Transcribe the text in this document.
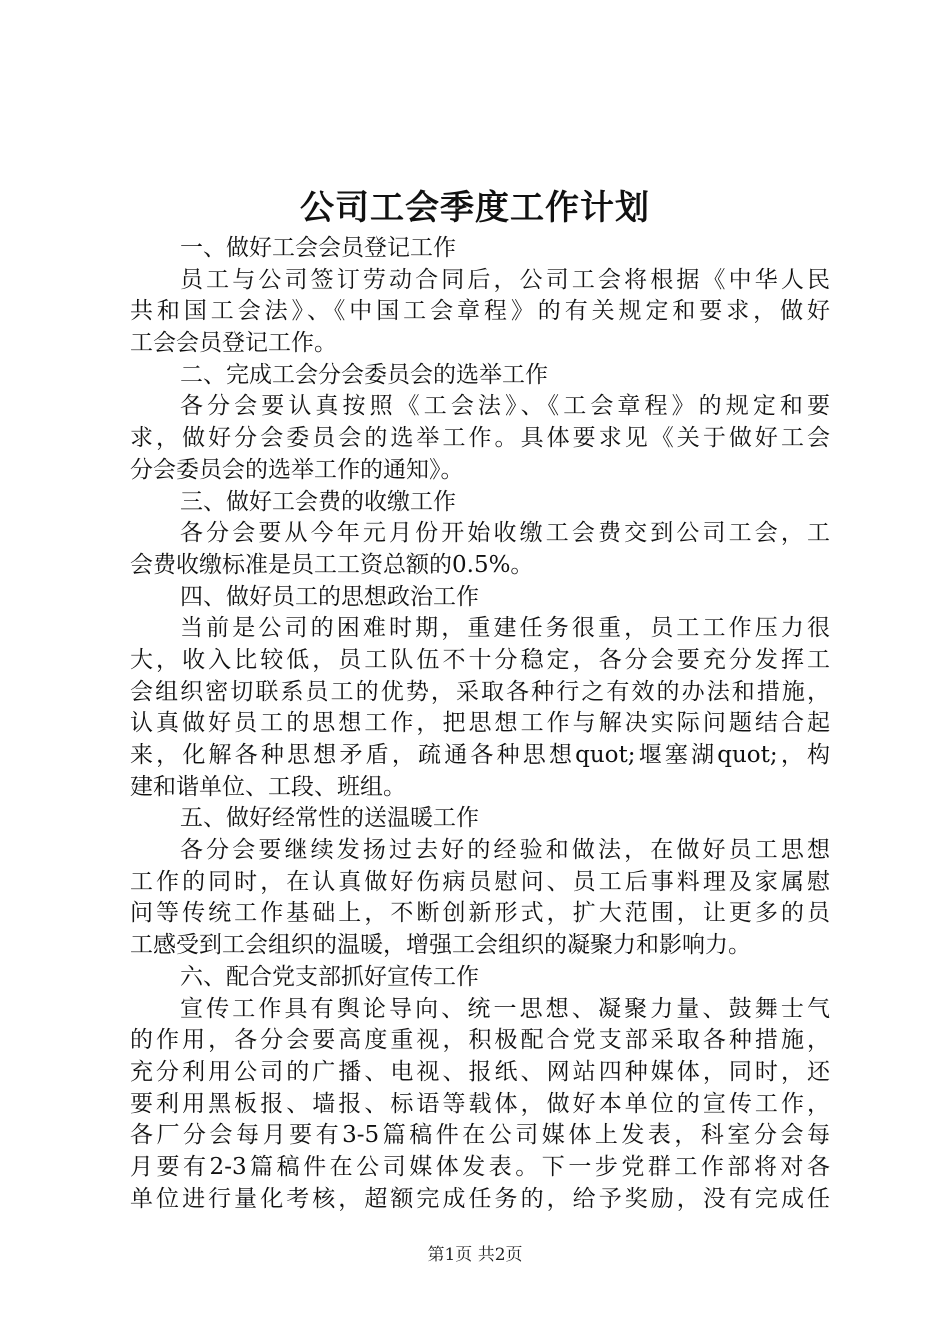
公司工会季度工作计划
一、做好工会会员登记工作
员工与公司签订劳动合同后，公司工会将根据《中华人民
共和国工会法》、《中国工会章程》的有关规定和要求，做好
工会会员登记工作。
二、完成工会分会委员会的选举工作
各分会要认真按照《工会法》、《工会章程》的规定和要
求，做好分会委员会的选举工作。具体要求见《关于做好工会
分会委员会的选举工作的通知》。
三、做好工会费的收缴工作
各分会要从今年元月份开始收缴工会费交到公司工会，工
会费收缴标准是员工工资总额的0.5%。
四、做好员工的思想政治工作
当前是公司的困难时期，重建任务很重，员工工作压力很
大，收入比较低，员工队伍不十分稳定，各分会要充分发挥工
会组织密切联系员工的优势，采取各种行之有效的办法和措施，
认真做好员工的思想工作，把思想工作与解决实际问题结合起
来，化解各种思想矛盾，疏通各种思想quot;堰塞湖quot;，构
建和谐单位、工段、班组。
五、做好经常性的送温暖工作
各分会要继续发扬过去好的经验和做法，在做好员工思想
工作的同时，在认真做好伤病员慰问、员工后事料理及家属慰
问等传统工作基础上，不断创新形式，扩大范围，让更多的员
工感受到工会组织的温暖，增强工会组织的凝聚力和影响力。
六、配合党支部抓好宣传工作
宣传工作具有舆论导向、统一思想、凝聚力量、鼓舞士气
的作用，各分会要高度重视，积极配合党支部采取各种措施，
充分利用公司的广播、电视、报纸、网站四种媒体，同时，还
要利用黑板报、墙报、标语等载体，做好本单位的宣传工作，
各厂分会每月要有3-5篇稿件在公司媒体上发表，科室分会每
月要有2-3篇稿件在公司媒体发表。下一步党群工作部将对各
单位进行量化考核，超额完成任务的，给予奖励，没有完成任
第1页 共2页
